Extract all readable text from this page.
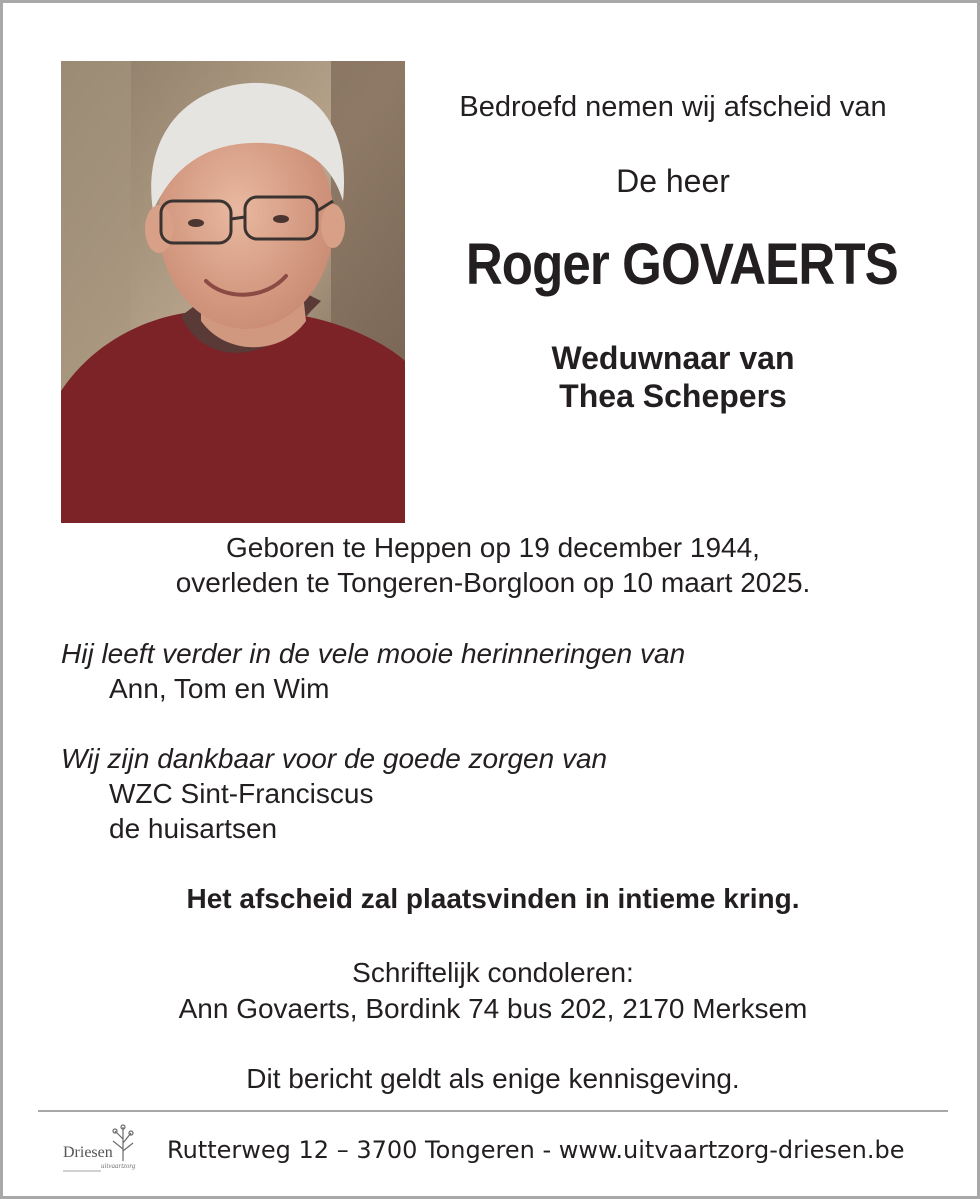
Bedroefd nemen wij afscheid van
De heer
Roger GOVAERTS
Weduwnaar van
Thea Schepers
Geboren te Heppen op 19 december 1944,
overleden te Tongeren-Borgloon op 10 maart 2025.
Hij leeft verder in de vele mooie herinneringen van
Ann, Tom en Wim
Wij zijn dankbaar voor de goede zorgen van
WZC Sint-Franciscus
de huisartsen
Het afscheid zal plaatsvinden in intieme kring.
Schriftelijk condoleren:
Ann Govaerts, Bordink 74 bus 202, 2170 Merksem
Dit bericht geldt als enige kennisgeving.
Driesen
uitvaartzorg
Rutterweg 12 – 3700 Tongeren - www.uitvaartzorg-driesen.be
